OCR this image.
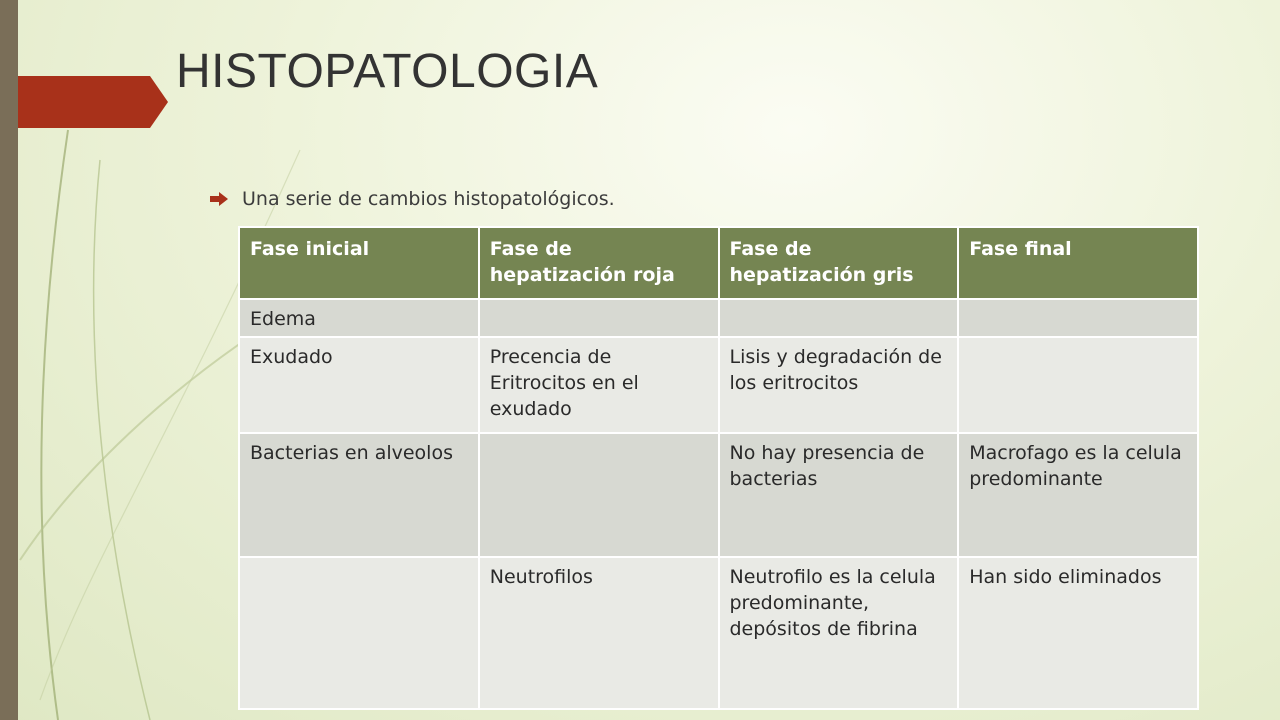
HISTOPATOLOGIA
Una serie de cambios histopatológicos.
Fase inicial	Fase de hepatización roja	Fase de hepatización gris	Fase final
Edema			
Exudado	Precencia de Eritrocitos en el exudado	Lisis y degradación de los eritrocitos	
Bacterias en alveolos		No hay presencia de bacterias	Macrofago es la celula predominante
	Neutrofilos	Neutrofilo es la celula predominante, depósitos de fibrina	Han sido eliminados
